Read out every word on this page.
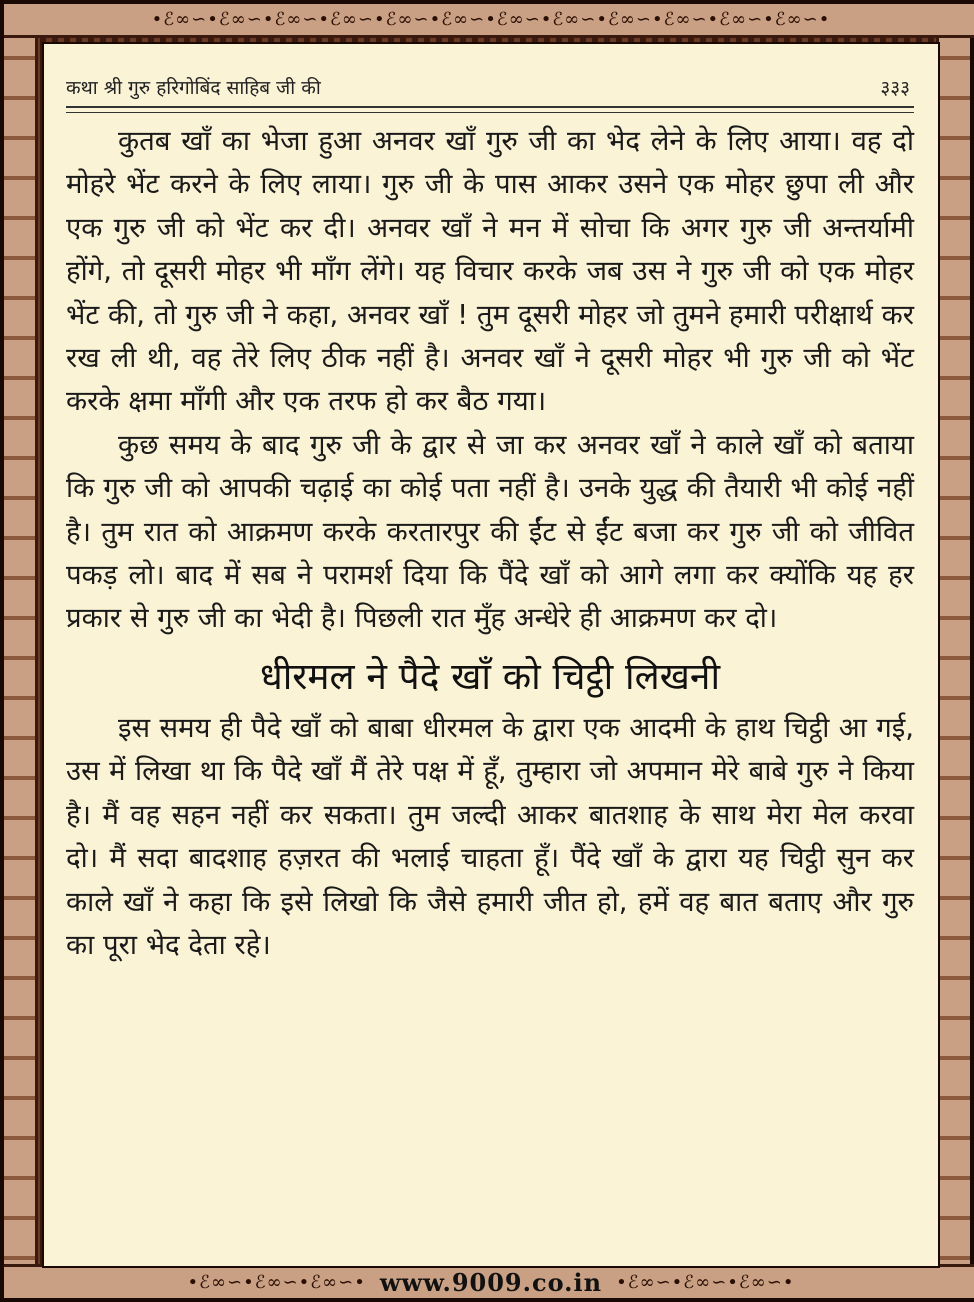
•ℰ∞∽•ℰ∞∽•ℰ∞∽•ℰ∞∽•ℰ∞∽•ℰ∞∽•ℰ∞∽•ℰ∞∽•ℰ∞∽•ℰ∞∽•ℰ∞∽•ℰ∞∽•
•ℰ∞∽•ℰ∞∽•ℰ∞∽• www.9009.co.in •ℰ∞∽•ℰ∞∽•ℰ∞∽•
कथा श्री गुरु हरिगोबिंद साहिब जी की	३३३

कुतब खाँ का भेजा हुआ अनवर खाँ गुरु जी का भेद लेने के लिए आया। वह दो मोहरे भेंट करने के लिए लाया। गुरु जी के पास आकर उसने एक मोहर छुपा ली और एक गुरु जी को भेंट कर दी। अनवर खाँ ने मन में सोचा कि अगर गुरु जी अन्तर्यामी होंगे, तो दूसरी मोहर भी माँग लेंगे। यह विचार करके जब उस ने गुरु जी को एक मोहर भेंट की, तो गुरु जी ने कहा, अनवर खाँ ! तुम दूसरी मोहर जो तुमने हमारी परीक्षार्थ कर रख ली थी, वह तेरे लिए ठीक नहीं है। अनवर खाँ ने दूसरी मोहर भी गुरु जी को भेंट करके क्षमा माँगी और एक तरफ हो कर बैठ गया।

कुछ समय के बाद गुरु जी के द्वार से जा कर अनवर खाँ ने काले खाँ को बताया कि गुरु जी को आपकी चढ़ाई का कोई पता नहीं है। उनके युद्ध की तैयारी भी कोई नहीं है। तुम रात को आक्रमण करके करतारपुर की ईंट से ईंट बजा कर गुरु जी को जीवित पकड़ लो। बाद में सब ने परामर्श दिया कि पैंदे खाँ को आगे लगा कर क्योंकि यह हर प्रकार से गुरु जी का भेदी है। पिछली रात मुँह अन्धेरे ही आक्रमण कर दो।

धीरमल ने पैदे खाँ को चिट्ठी लिखनी

इस समय ही पैदे खाँ को बाबा धीरमल के द्वारा एक आदमी के हाथ चिट्ठी आ गई, उस में लिखा था कि पैदे खाँ मैं तेरे पक्ष में हूँ, तुम्हारा जो अपमान मेरे बाबे गुरु ने किया है। मैं वह सहन नहीं कर सकता। तुम जल्दी आकर बातशाह के साथ मेरा मेल करवा दो। मैं सदा बादशाह हज़रत की भलाई चाहता हूँ। पैंदे खाँ के द्वारा यह चिट्ठी सुन कर काले खाँ ने कहा कि इसे लिखो कि जैसे हमारी जीत हो, हमें वह बात बताए और गुरु का पूरा भेद देता रहे।
